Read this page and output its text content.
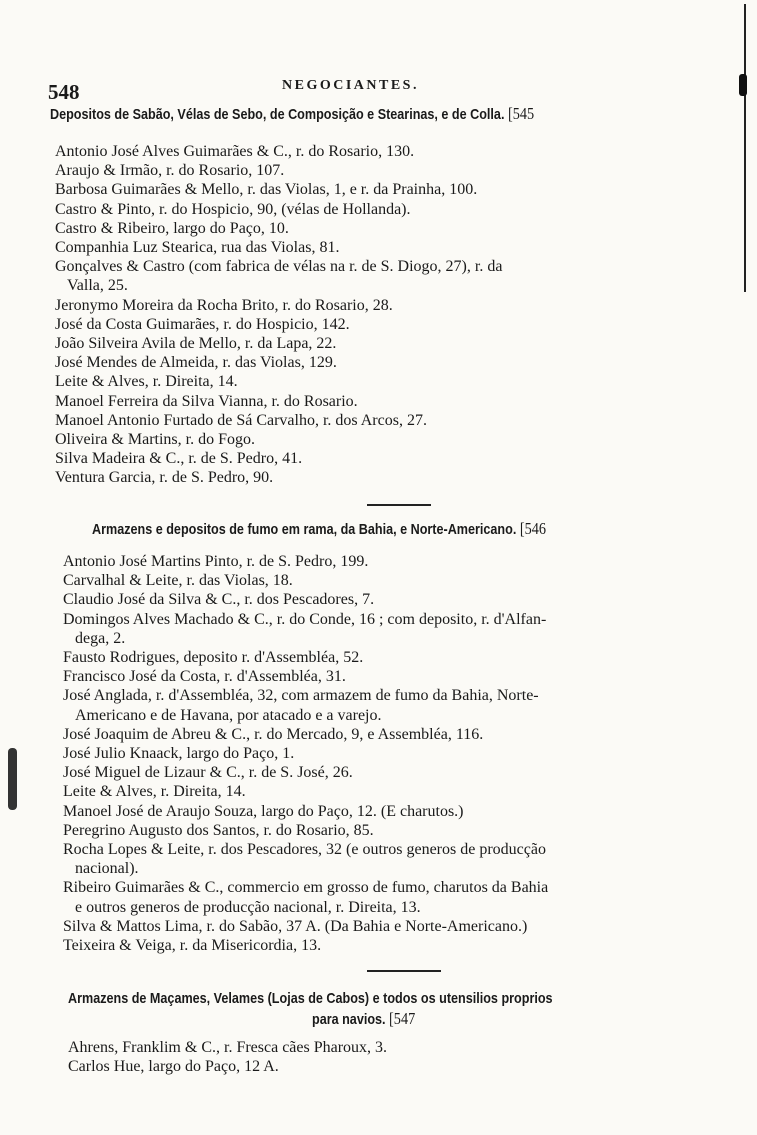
548	NEGOCIANTES.
Depositos de Sabão, Vélas de Sebo, de Composição e Stearinas, e de Colla. [545
Antonio José Alves Guimarães & C., r. do Rosario, 130.
Araujo & Irmão, r. do Rosario, 107.
Barbosa Guimarães & Mello, r. das Violas, 1, e r. da Prainha, 100.
Castro & Pinto, r. do Hospicio, 90, (vélas de Hollanda).
Castro & Ribeiro, largo do Paço, 10.
Companhia Luz Stearica, rua das Violas, 81.
Gonçalves & Castro (com fabrica de vélas na r. de S. Diogo, 27), r. da
Valla, 25.
Jeronymo Moreira da Rocha Brito, r. do Rosario, 28.
José da Costa Guimarães, r. do Hospicio, 142.
João Silveira Avila de Mello, r. da Lapa, 22.
José Mendes de Almeida, r. das Violas, 129.
Leite & Alves, r. Direita, 14.
Manoel Ferreira da Silva Vianna, r. do Rosario.
Manoel Antonio Furtado de Sá Carvalho, r. dos Arcos, 27.
Oliveira & Martins, r. do Fogo.
Silva Madeira & C., r. de S. Pedro, 41.
Ventura Garcia, r. de S. Pedro, 90.
Armazens e depositos de fumo em rama, da Bahia, e Norte-Americano. [546
Antonio José Martins Pinto, r. de S. Pedro, 199.
Carvalhal & Leite, r. das Violas, 18.
Claudio José da Silva & C., r. dos Pescadores, 7.
Domingos Alves Machado & C., r. do Conde, 16 ; com deposito, r. d'Alfan-
dega, 2.
Fausto Rodrigues, deposito r. d'Assembléa, 52.
Francisco José da Costa, r. d'Assembléa, 31.
José Anglada, r. d'Assembléa, 32, com armazem de fumo da Bahia, Norte-
Americano e de Havana, por atacado e a varejo.
José Joaquim de Abreu & C., r. do Mercado, 9, e Assembléa, 116.
José Julio Knaack, largo do Paço, 1.
José Miguel de Lizaur & C., r. de S. José, 26.
Leite & Alves, r. Direita, 14.
Manoel José de Araujo Souza, largo do Paço, 12. (E charutos.)
Peregrino Augusto dos Santos, r. do Rosario, 85.
Rocha Lopes & Leite, r. dos Pescadores, 32 (e outros generos de producção
nacional).
Ribeiro Guimarães & C., commercio em grosso de fumo, charutos da Bahia
e outros generos de producção nacional, r. Direita, 13.
Silva & Mattos Lima, r. do Sabão, 37 A. (Da Bahia e Norte-Americano.)
Teixeira & Veiga, r. da Misericordia, 13.
Armazens de Maçames, Velames (Lojas de Cabos) e todos os utensilios proprios
para navios. [547
Ahrens, Franklim & C., r. Fresca cães Pharoux, 3.
Carlos Hue, largo do Paço, 12 A.
